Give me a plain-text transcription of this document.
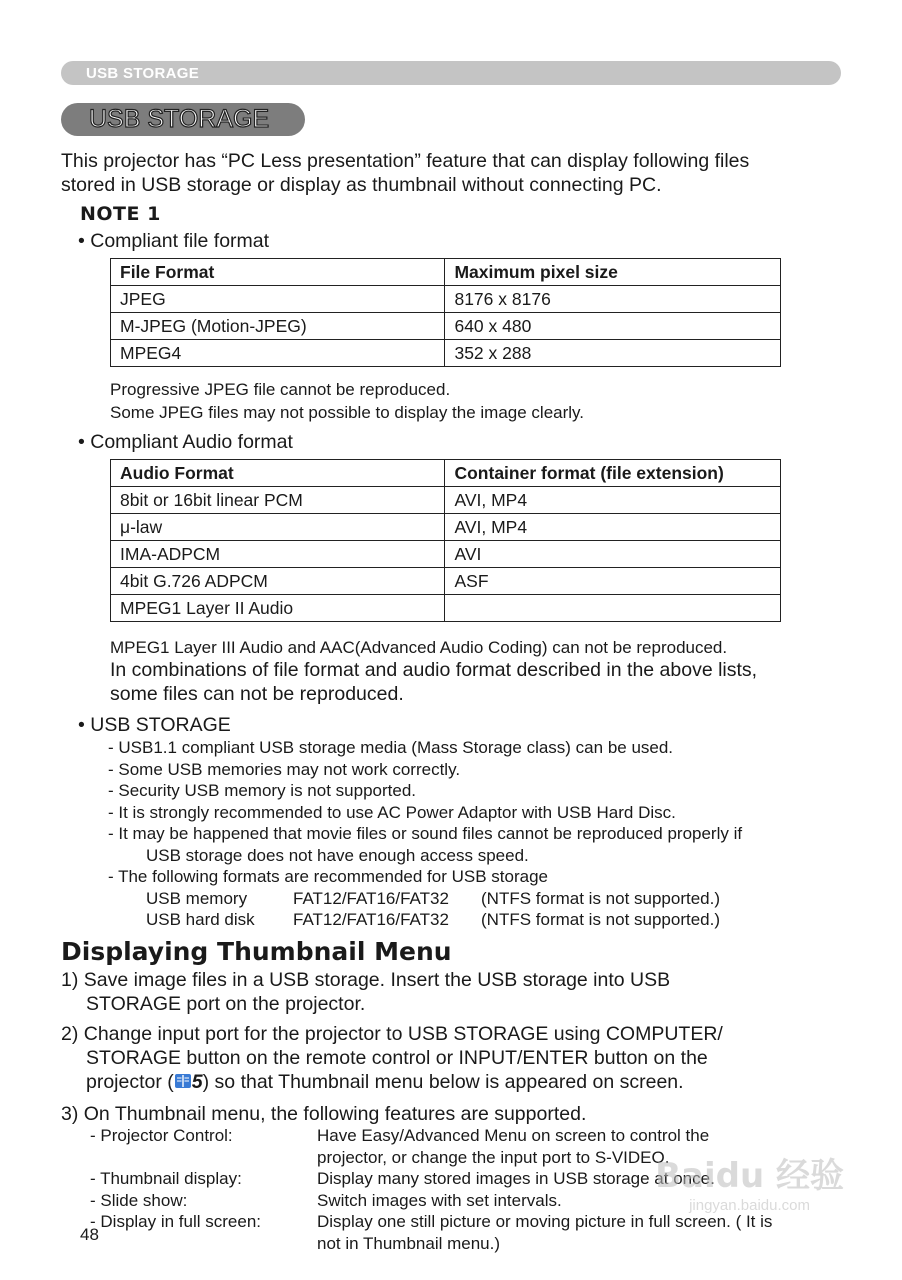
USB STORAGE
USB STORAGE
This projector has “PC Less presentation” feature that can display following files
stored in USB storage or display as thumbnail without connecting PC.
NOTE 1
• Compliant file format
File Format	Maximum pixel size
JPEG	8176 x 8176
M-JPEG (Motion-JPEG)	640 x 480
MPEG4	352 x 288
Progressive JPEG file cannot be reproduced.
Some JPEG files may not possible to display the image clearly.
• Compliant Audio format
Audio Format	Container format (file extension)
8bit or 16bit linear PCM	AVI, MP4
μ-law	AVI, MP4
IMA-ADPCM	AVI
4bit G.726 ADPCM	ASF
MPEG1 Layer II Audio	
MPEG1 Layer III Audio and AAC(Advanced Audio Coding) can not be reproduced.
In combinations of file format and audio format described in the above lists,
some files can not be reproduced.
• USB STORAGE
- USB1.1 compliant USB storage media (Mass Storage class) can be used.
- Some USB memories may not work correctly.
- Security USB memory is not supported.
- It is strongly recommended to use AC Power Adaptor with USB Hard Disc.
- It may be happened that movie files or sound files cannot be reproduced properly if
USB storage does not have enough access speed.
- The following formats are recommended for USB storage
USB memory	FAT12/FAT16/FAT32 (NTFS format is not supported.)
USB hard disk FAT12/FAT16/FAT32 (NTFS format is not supported.)
Displaying Thumbnail Menu
1) Save image files in a USB storage. Insert the USB storage into USB
STORAGE port on the projector.
2) Change input port for the projector to USB STORAGE using COMPUTER/
STORAGE button on the remote control or INPUT/ENTER button on the
projector ( 5) so that Thumbnail menu below is appeared on screen.
3) On Thumbnail menu, the following features are supported.
- Projector Control:	Have Easy/Advanced Menu on screen to control the
projector, or change the input port to S-VIDEO.
- Thumbnail display:	Display many stored images in USB storage at once.
- Slide show:	Switch images with set intervals.
- Display in full screen:	Display one still picture or moving picture in full screen. ( It is
not in Thumbnail menu.)
48
Baidu 经验
jingyan.baidu.com
